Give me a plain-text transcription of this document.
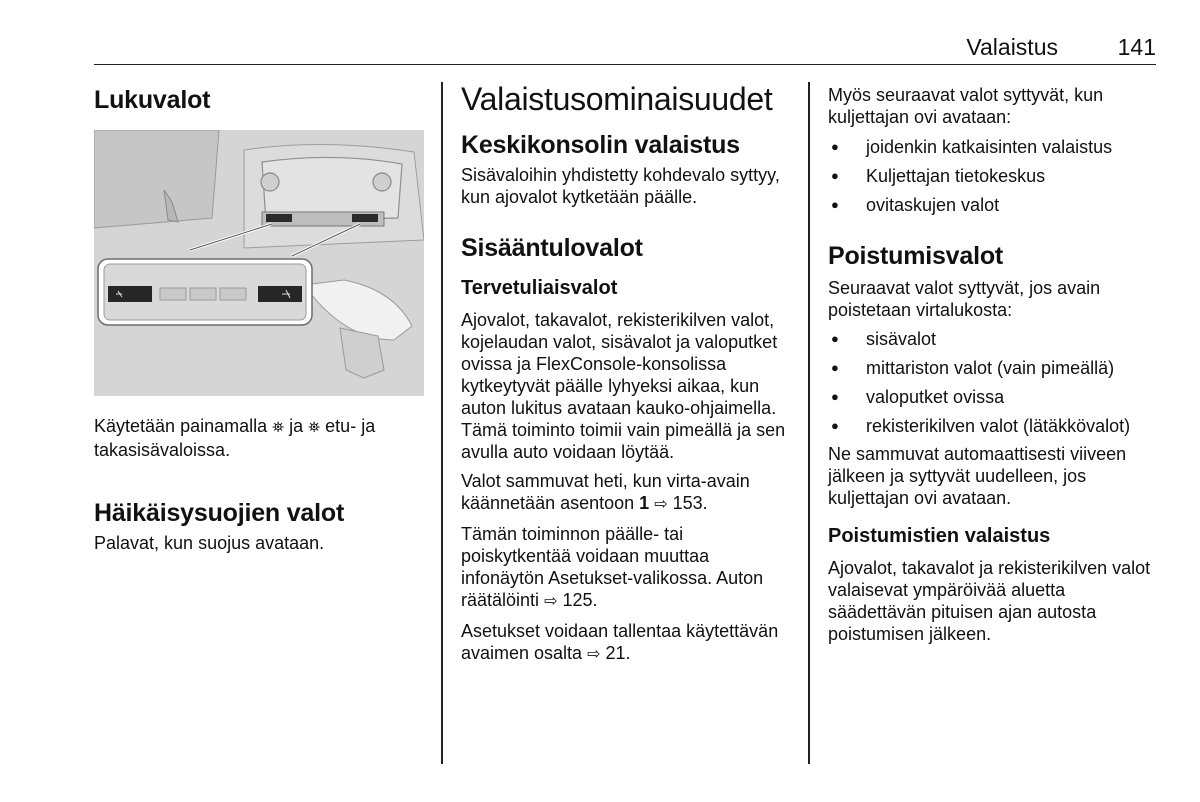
Valaistus	141
Lukuvalot

Käytetään painamalla ⛯ ja ⛯ etu- ja takasisävaloissa.

Häikäisysuojien valot

Palavat, kun suojus avataan.

Valaistusominaisuudet
Keskikonsolin valaistus

Sisävaloihin yhdistetty kohdevalo syttyy, kun ajovalot kytketään päälle.

Sisääntulovalot
Tervetuliaisvalot

Ajovalot, takavalot, rekisterikilven valot, kojelaudan valot, sisävalot ja valoputket ovissa ja FlexConsole-konsolissa kytkeytyvät päälle lyhyeksi aikaa, kun auton lukitus avataan kauko-ohjaimella. Tämä toiminto toimii vain pimeällä ja sen avulla auto voidaan löytää.

Valot sammuvat heti, kun virta-avain käännetään asentoon 1 ⇨ 153.

Tämän toiminnon päälle- tai poiskytkentää voidaan muuttaa infonäytön Asetukset-valikossa. Auton räätälöinti ⇨ 125.

Asetukset voidaan tallentaa käytettävän avaimen osalta ⇨ 21.

Myös seuraavat valot syttyvät, kun kuljettajan ovi avataan:

● joidenkin katkaisinten valaistus

● Kuljettajan tietokeskus

● ovitaskujen valot

Poistumisvalot

Seuraavat valot syttyvät, jos avain poistetaan virtalukosta:

● sisävalot

● mittariston valot (vain pimeällä)

● valoputket ovissa

● rekisterikilven valot (lätäkkövalot)

Ne sammuvat automaattisesti viiveen jälkeen ja syttyvät uudelleen, jos kuljettajan ovi avataan.

Poistumistien valaistus

Ajovalot, takavalot ja rekisterikilven valot valaisevat ympäröivää aluetta säädettävän pituisen ajan autosta poistumisen jälkeen.
